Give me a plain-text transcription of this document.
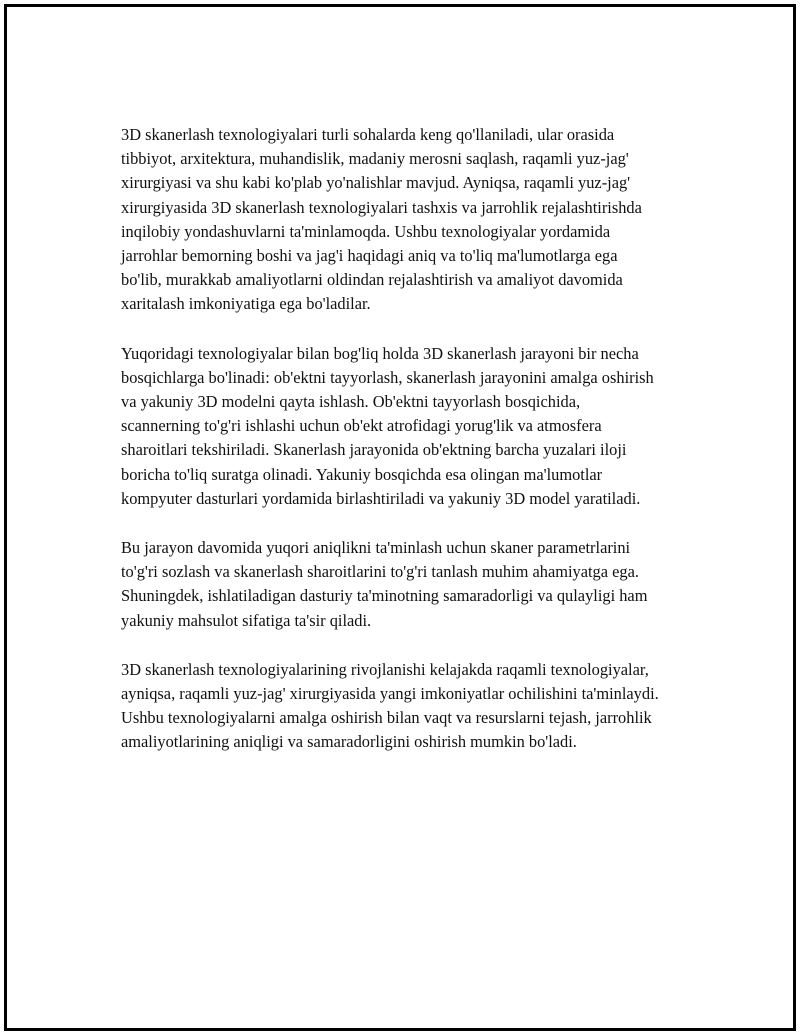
3D skanerlash texnologiyalari turli sohalarda keng qo'llaniladi, ular orasida tibbiyot, arxitektura, muhandislik, madaniy merosni saqlash, raqamli yuz-jag' xirurgiyasi va shu kabi ko'plab yo'nalishlar mavjud. Ayniqsa, raqamli yuz-jag' xirurgiyasida 3D skanerlash texnologiyalari tashxis va jarrohlik rejalashtirishda inqilobiy yondashuvlarni ta'minlamoqda. Ushbu texnologiyalar yordamida jarrohlar bemorning boshi va jag'i haqidagi aniq va to'liq ma'lumotlarga ega bo'lib, murakkab amaliyotlarni oldindan rejalashtirish va amaliyot davomida xaritalash imkoniyatiga ega bo'ladilar.

Yuqoridagi texnologiyalar bilan bog'liq holda 3D skanerlash jarayoni bir necha bosqichlarga bo'linadi: ob'ektni tayyorlash, skanerlash jarayonini amalga oshirish va yakuniy 3D modelni qayta ishlash. Ob'ektni tayyorlash bosqichida, scannerning to'g'ri ishlashi uchun ob'ekt atrofidagi yorug'lik va atmosfera sharoitlari tekshiriladi. Skanerlash jarayonida ob'ektning barcha yuzalari iloji boricha to'liq suratga olinadi. Yakuniy bosqichda esa olingan ma'lumotlar kompyuter dasturlari yordamida birlashtiriladi va yakuniy 3D model yaratiladi.

Bu jarayon davomida yuqori aniqlikni ta'minlash uchun skaner parametrlarini to'g'ri sozlash va skanerlash sharoitlarini to'g'ri tanlash muhim ahamiyatga ega. Shuningdek, ishlatiladigan dasturiy ta'minotning samaradorligi va qulayligi ham yakuniy mahsulot sifatiga ta'sir qiladi.

3D skanerlash texnologiyalarining rivojlanishi kelajakda raqamli texnologiyalar, ayniqsa, raqamli yuz-jag' xirurgiyasida yangi imkoniyatlar ochilishini ta'minlaydi. Ushbu texnologiyalarni amalga oshirish bilan vaqt va resurslarni tejash, jarrohlik amaliyotlarining aniqligi va samaradorligini oshirish mumkin bo'ladi.
